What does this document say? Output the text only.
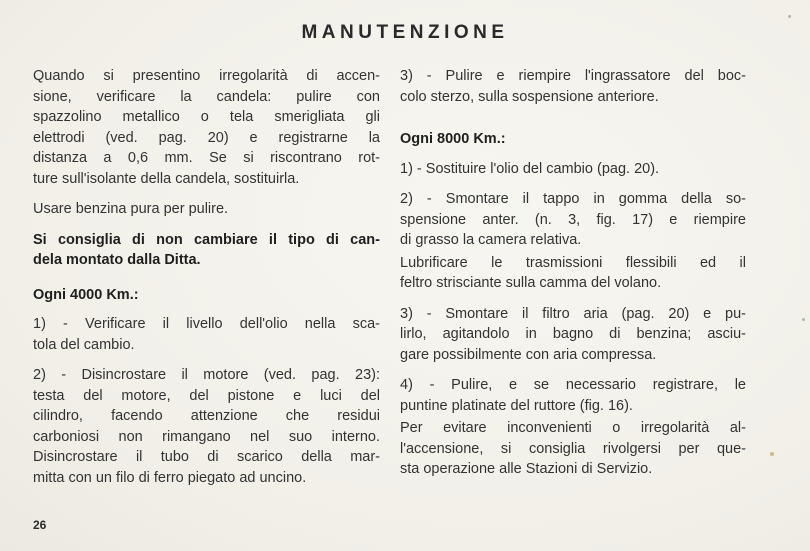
MANUTENZIONE
Quando si presentino irregolarità di accen-
sione, verificare la candela: pulire con
spazzolino metallico o tela smerigliata gli
elettrodi (ved. pag. 20) e registrarne la
distanza a 0,6 mm. Se si riscontrano rot-
ture sull'isolante della candela, sostituirla.
Usare benzina pura per pulire.
Si consiglia di non cambiare il tipo di can-
dela montato dalla Ditta.
Ogni 4000 Km.:
1) - Verificare il livello dell'olio nella sca-
tola del cambio.
2) - Disincrostare il motore (ved. pag. 23):
testa del motore, del pistone e luci del
cilindro, facendo attenzione che residui
carboniosi non rimangano nel suo interno.
Disincrostare il tubo di scarico della mar-
mitta con un filo di ferro piegato ad uncino.
3) - Pulire e riempire l'ingrassatore del boc-
colo sterzo, sulla sospensione anteriore.
Ogni 8000 Km.:
1) - Sostituire l'olio del cambio (pag. 20).
2) - Smontare il tappo in gomma della so-
spensione anter. (n. 3, fig. 17) e riempire
di grasso la camera relativa.
Lubrificare le trasmissioni flessibili ed il
feltro strisciante sulla camma del volano.
3) - Smontare il filtro aria (pag. 20) e pu-
lirlo, agitandolo in bagno di benzina; asciu-
gare possibilmente con aria compressa.
4) - Pulire, e se necessario registrare, le
puntine platinate del ruttore (fig. 16).
Per evitare inconvenienti o irregolarità al-
l'accensione, si consiglia rivolgersi per que-
sta operazione alle Stazioni di Servizio.
26
